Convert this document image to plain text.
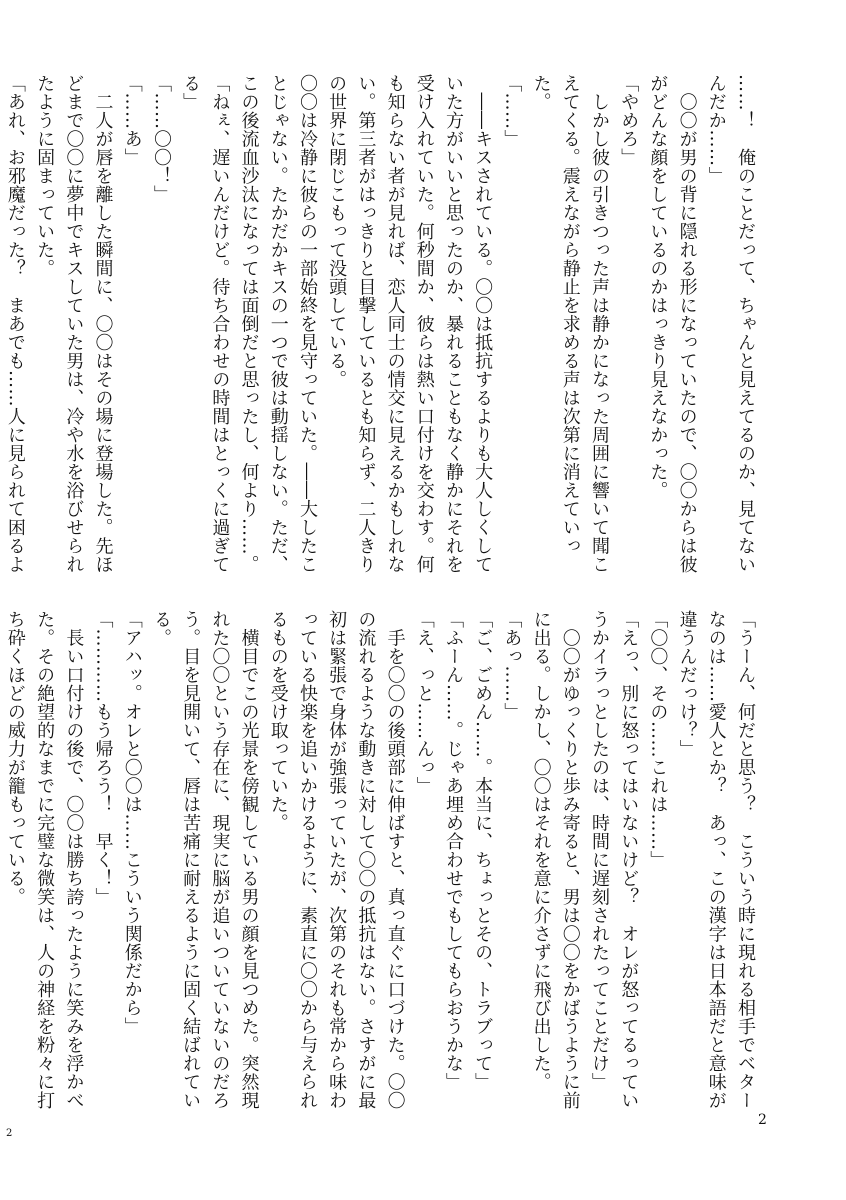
……！　俺のことだって、ちゃんと見えてるのか、見てないんだか……」

　〇〇が男の背に隠れる形になっていたので、〇〇からは彼がどんな顔をしているのかはっきり見えなかった。

「やめろ」

　しかし彼の引きつった声は静かになった周囲に響いて聞こえてくる。震えながら静止を求める声は次第に消えていった。

「……」

　――キスされている。〇〇は抵抗するよりも大人しくしていた方がいいと思ったのか、暴れることもなく静かにそれを受け入れていた。何秒間か、彼らは熱い口付けを交わす。何も知らない者が見れば、恋人同士の情交に見えるかもしれない。第三者がはっきりと目撃しているとも知らず、二人きりの世界に閉じこもって没頭している。

〇〇は冷静に彼らの一部始終を見守っていた。――大したことじゃない。たかだかキスの一つで彼は動揺しない。ただ、この後流血沙汰になっては面倒だと思ったし、何より……。

「ねぇ、遅いんだけど。待ち合わせの時間はとっくに過ぎてる」

「……〇〇！」

「……あ」

　二人が唇を離した瞬間に、〇〇はその場に登場した。先ほどまで〇〇に夢中でキスしていた男は、冷や水を浴びせられたように固まっていた。

「あれ、お邪魔だった？　まあでも……人に見られて困るよ

「うーん、何だと思う？　こういう時に現れる相手でベターなのは……愛人とか？　あっ、この漢字は日本語だと意味が違うんだっけ？」

「〇〇、その……これは……」

「えっ、別に怒ってはいないけど？　オレが怒ってるっていうかイラっとしたのは、時間に遅刻されたってことだけ」

　〇〇がゆっくりと歩み寄ると、男は〇〇をかばうように前に出る。しかし、〇〇はそれを意に介さずに飛び出した。

「あっ……」

「ご、ごめん……。本当に、ちょっとその、トラブって」

「ふーん……。じゃあ埋め合わせでもしてもらおうかな」

「え、っと……んっ」

　手を〇〇の後頭部に伸ばすと、真っ直ぐに口づけた。〇〇の流れるような動きに対して〇〇の抵抗はない。さすがに最初は緊張で身体が強張っていたが、次第のそれも常から味わっている快楽を追いかけるように、素直に〇〇から与えられるものを受け取っていた。

　横目でこの光景を傍観している男の顔を見つめた。突然現れた〇〇という存在に、現実に脳が追いついていないのだろう。目を見開いて、唇は苦痛に耐えるように固く結ばれている。

「アハッ。オレと〇〇は……こういう関係だから」

「…………もう帰ろう！　早く！」

　長い口付けの後で、〇〇は勝ち誇ったように笑みを浮かべた。その絶望的なまでに完璧な微笑は、人の神経を粉々に打ち砕くほどの威力が籠もっている。

2
2
